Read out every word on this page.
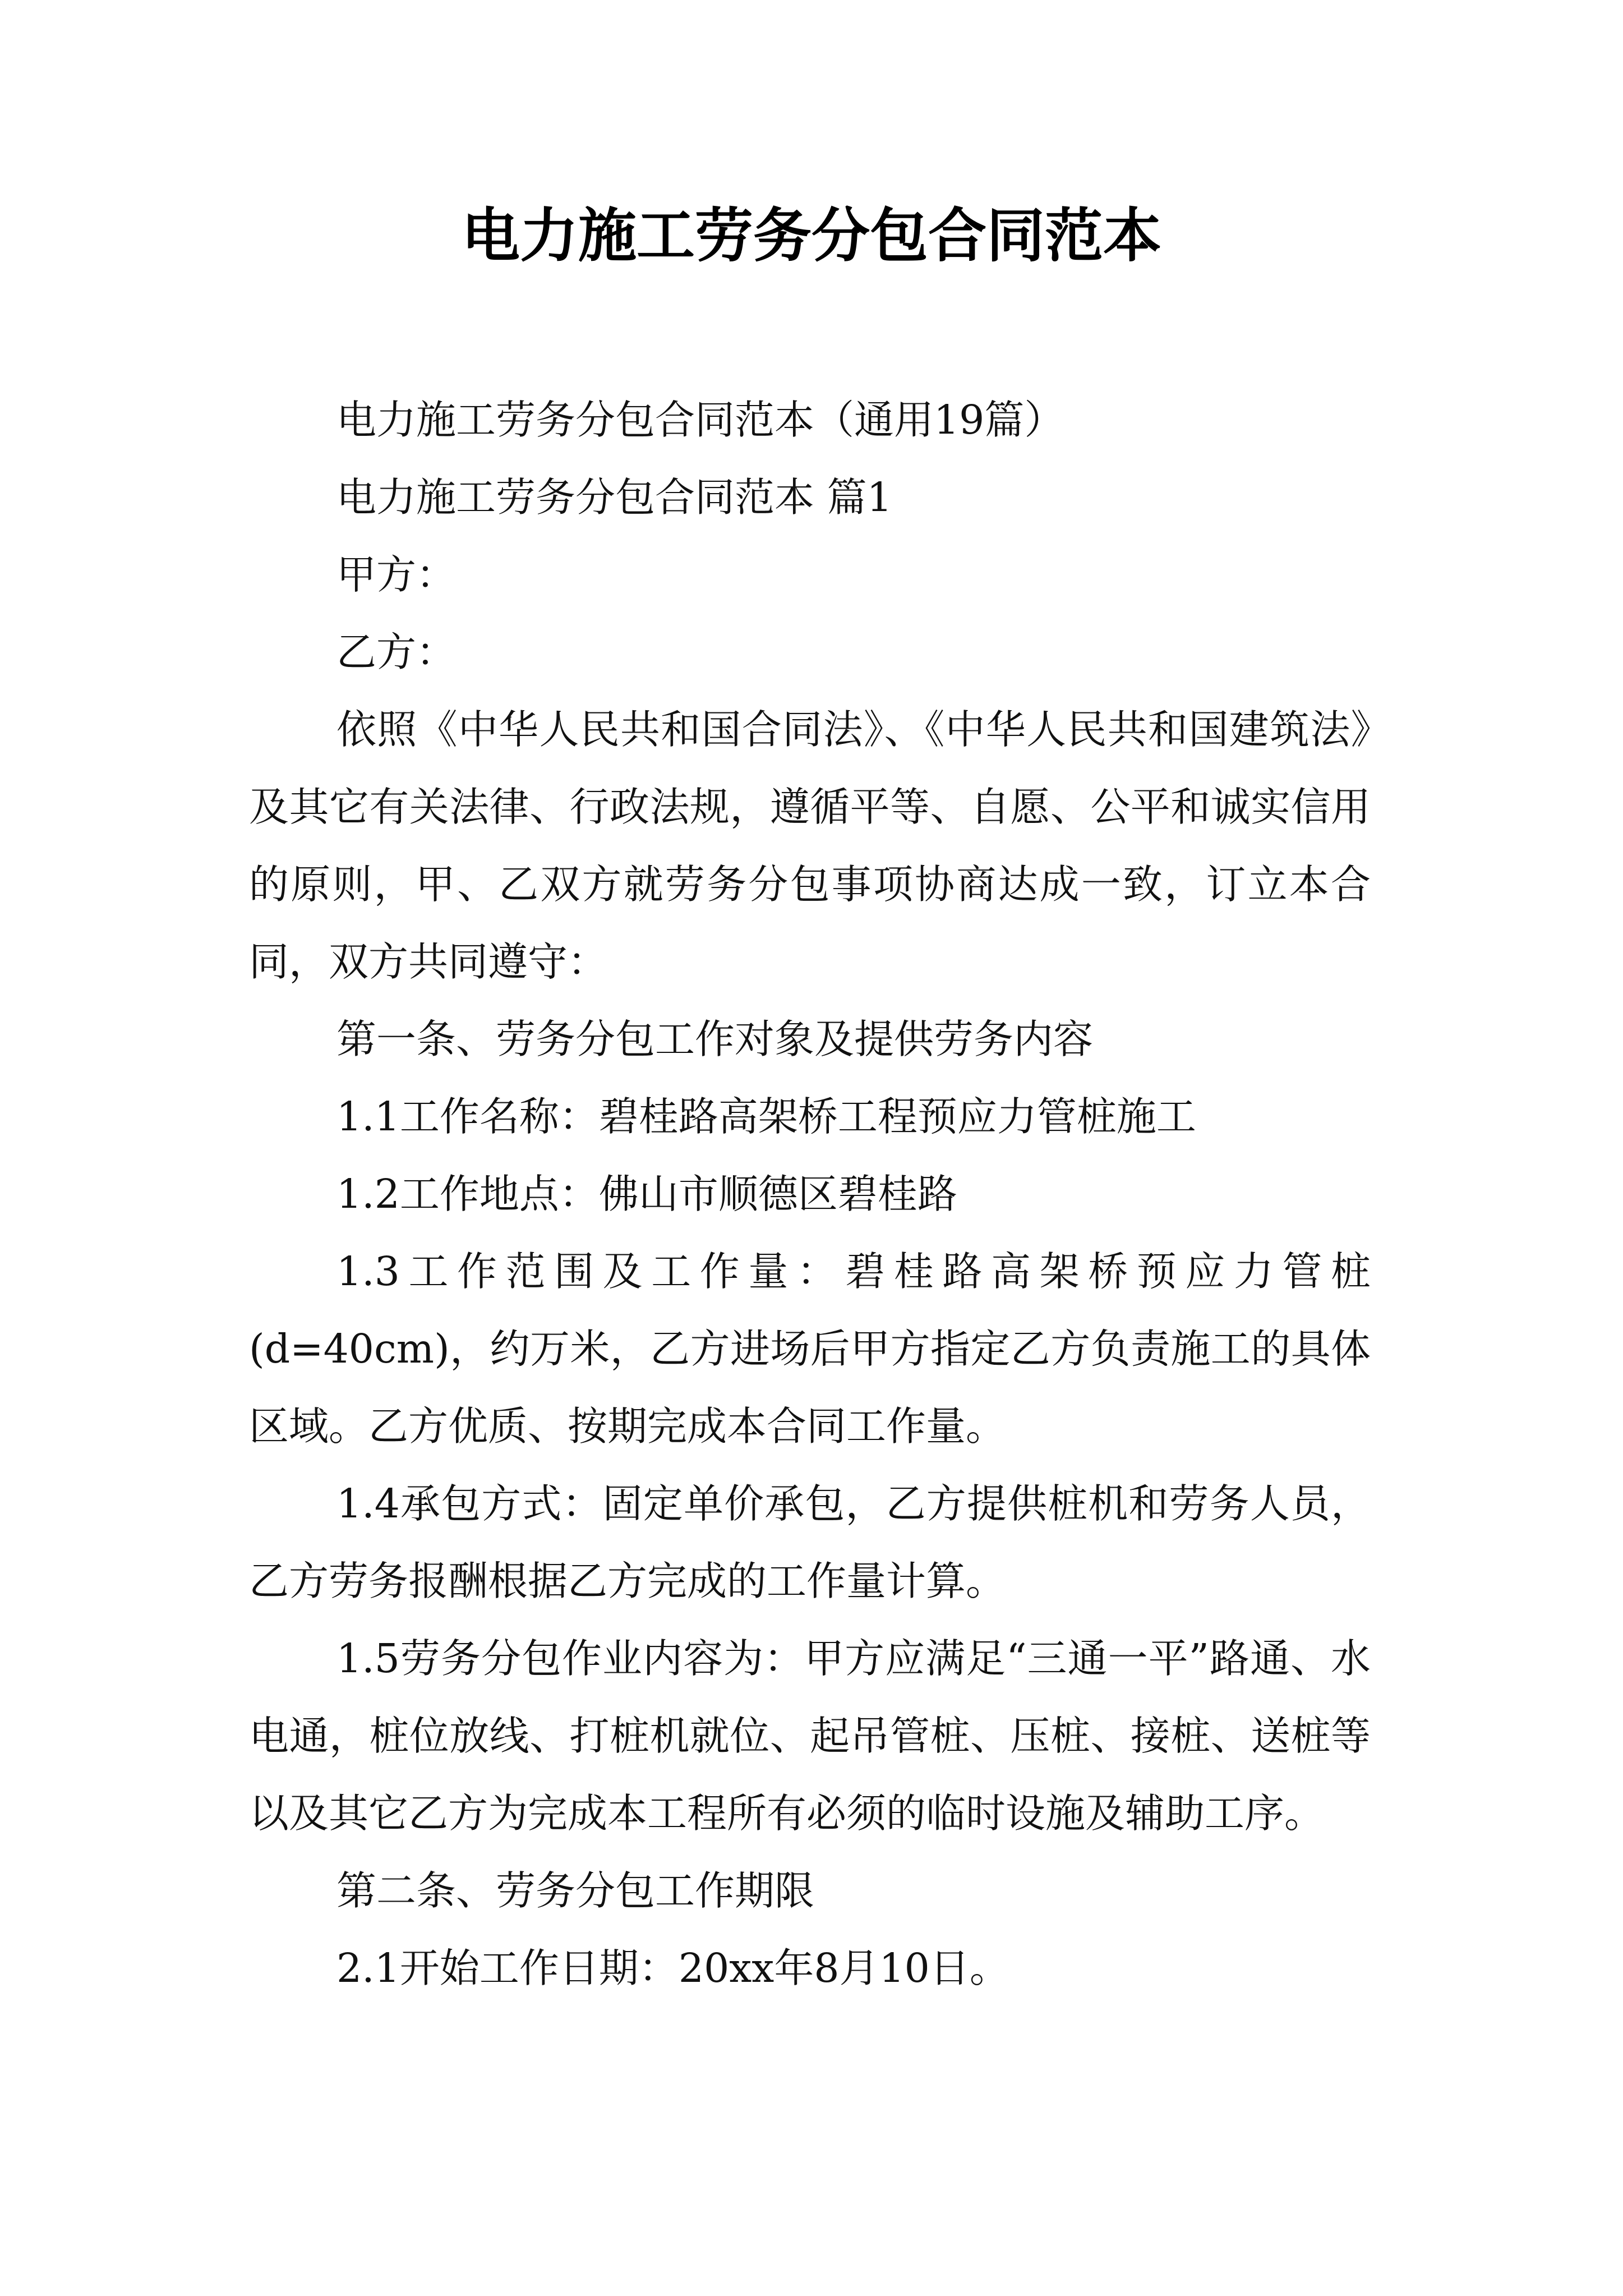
电力施工劳务分包合同范本

电力施工劳务分包合同范本（通用19篇）

电力施工劳务分包合同范本 篇1

甲方：

乙方：

依照《中华人民共和国合同法》、《中华人民共和国建筑法》及其它有关法律、行政法规，遵循平等、自愿、公平和诚实信用的原则，甲、乙双方就劳务分包事项协商达成一致，订立本合同，双方共同遵守：

第一条、劳务分包工作对象及提供劳务内容

1.1工作名称：碧桂路高架桥工程预应力管桩施工

1.2工作地点：佛山市顺德区碧桂路

1.3工作范围及工作量：碧桂路高架桥预应力管桩(d=40cm)，约万米，乙方进场后甲方指定乙方负责施工的具体区域。乙方优质、按期完成本合同工作量。

1.4承包方式：固定单价承包，乙方提供桩机和劳务人员，乙方劳务报酬根据乙方完成的工作量计算。

1.5劳务分包作业内容为：甲方应满足“三通一平”路通、水电通，桩位放线、打桩机就位、起吊管桩、压桩、接桩、送桩等以及其它乙方为完成本工程所有必须的临时设施及辅助工序。

第二条、劳务分包工作期限

2.1开始工作日期：20xx年8月10日。
